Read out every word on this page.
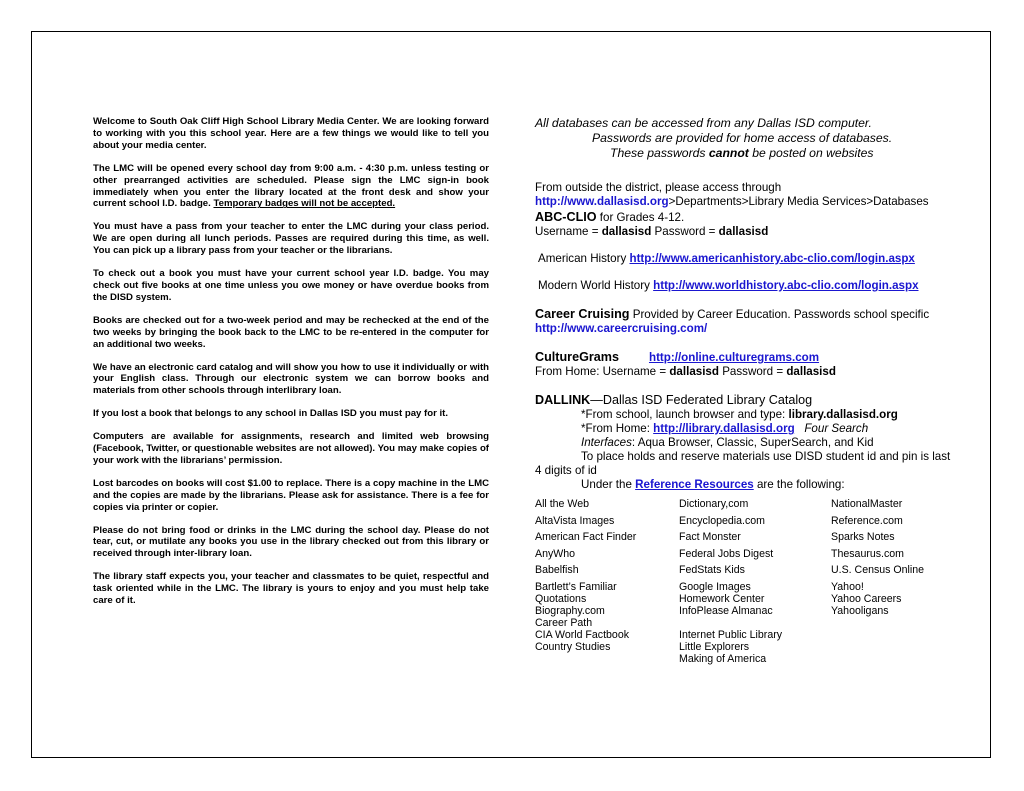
Welcome to South Oak Cliff High School Library Media Center. We are looking forward to working with you this school year. Here are a few things we would like to tell you about your media center.

The LMC will be opened every school day from 9:00 a.m. - 4:30 p.m. unless testing or other prearranged activities are scheduled. Please sign the LMC sign-in book immediately when you enter the library located at the front desk and show your current school I.D. badge. Temporary badges will not be accepted.

You must have a pass from your teacher to enter the LMC during your class period. We are open during all lunch periods. Passes are required during this time, as well. You can pick up a library pass from your teacher or the librarians.

To check out a book you must have your current school year I.D. badge. You may check out five books at one time unless you owe money or have overdue books from the DISD system.

Books are checked out for a two-week period and may be rechecked at the end of the two weeks by bringing the book back to the LMC to be re-entered in the computer for an additional two weeks.

We have an electronic card catalog and will show you how to use it individually or with your English class. Through our electronic system we can borrow books and materials from other schools through interlibrary loan.

If you lost a book that belongs to any school in Dallas ISD you must pay for it.

Computers are available for assignments, research and limited web browsing (Facebook, Twitter, or questionable websites are not allowed). You may make copies of your work with the librarians’ permission.

Lost barcodes on books will cost $1.00 to replace. There is a copy machine in the LMC and the copies are made by the librarians. Please ask for assistance. There is a fee for copies via printer or copier.

Please do not bring food or drinks in the LMC during the school day. Please do not tear, cut, or mutilate any books you use in the library checked out from this library or received through inter-library loan.

The library staff expects you, your teacher and classmates to be quiet, respectful and task oriented while in the LMC. The library is yours to enjoy and you must help take care of it.

All databases can be accessed from any Dallas ISD computer.
Passwords are provided for home access of databases.
These passwords cannot be posted on websites
From outside the district, please access through
http://www.dallasisd.org>Departments>Library Media Services>Databases
ABC-CLIO for Grades 4-12.
Username = dallasisd Password = dallasisd
American History http://www.americanhistory.abc-clio.com/login.aspx
Modern World History http://www.worldhistory.abc-clio.com/login.aspx
Career Cruising Provided by Career Education. Passwords school specific
http://www.careercruising.com/
CultureGrams	http://online.culturegrams.com
From Home: Username = dallasisd Password = dallasisd
DALLINK—Dallas ISD Federated Library Catalog
*From school, launch browser and type: library.dallasisd.org
*From Home: http://library.dallasisd.org Four Search
Interfaces: Aqua Browser, Classic, SuperSearch, and Kid
To place holds and reserve materials use DISD student id and pin is last 4 digits of id
Under the Reference Resources are the following:
All the Web
AltaVista Images
American Fact Finder
AnyWho
Babelfish
Bartlett’s Familiar
Quotations
Biography.com
Career Path
CIA World Factbook
Country Studies
Dictionary,com
Encyclopedia.com
Fact Monster
Federal Jobs Digest
FedStats Kids
Google Images
Homework Center
InfoPlease Almanac
Internet Public Library
Little Explorers
Making of America
NationalMaster
Reference.com
Sparks Notes
Thesaurus.com
U.S. Census Online
Yahoo!
Yahoo Careers
Yahooligans
